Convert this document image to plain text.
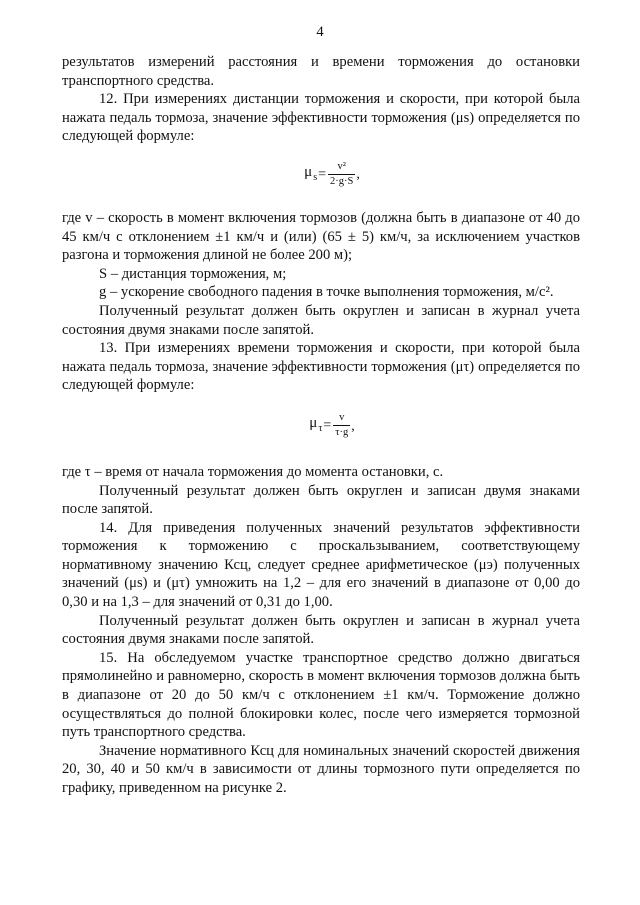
4

результатов измерений расстояния и времени торможения до остановки транспортного средства.

12. При измерениях дистанции торможения и скорости, при которой была нажата педаль тормоза, значение эффективности торможения (μs) определяется по следующей формуле:

$\mu_s = \frac{\text{v²}}{2\cdot g\cdot S}$ ,

где v – скорость в момент включения тормозов (должна быть в диапазоне от 40 до 45 км/ч с отклонением ±1 км/ч и (или) (65 ± 5) км/ч, за исключением участков разгона и торможения длиной не более 200 м);

S – дистанция торможения, м;

g – ускорение свободного падения в точке выполнения торможения, м/с².

Полученный результат должен быть округлен и записан в журнал учета состояния двумя знаками после запятой.

13. При измерениях времени торможения и скорости, при которой была нажата педаль тормоза, значение эффективности торможения (μτ) определяется по следующей формуле:

$\mu_\tau = \frac{v}{\tau\cdot g}$ ,

где τ – время от начала торможения до момента остановки, с.

Полученный результат должен быть округлен и записан двумя знаками после запятой.

14. Для приведения полученных значений результатов эффективности торможения к торможению с проскальзыванием, соответствующему нормативному значению Ксц, следует среднее арифметическое (μэ) полученных значений (μs) и (μτ) умножить на 1,2 – для его значений в диапазоне от 0,00 до 0,30 и на 1,3 – для значений от 0,31 до 1,00.

Полученный результат должен быть округлен и записан в журнал учета состояния двумя знаками после запятой.

15. На обследуемом участке транспортное средство должно двигаться прямолинейно и равномерно, скорость в момент включения тормозов должна быть в диапазоне от 20 до 50 км/ч с отклонением ±1 км/ч. Торможение должно осуществляться до полной блокировки колес, после чего измеряется тормозной путь транспортного средства.

Значение нормативного Ксц для номинальных значений скоростей движения 20, 30, 40 и 50 км/ч в зависимости от длины тормозного пути определяется по графику, приведенном на рисунке 2.
